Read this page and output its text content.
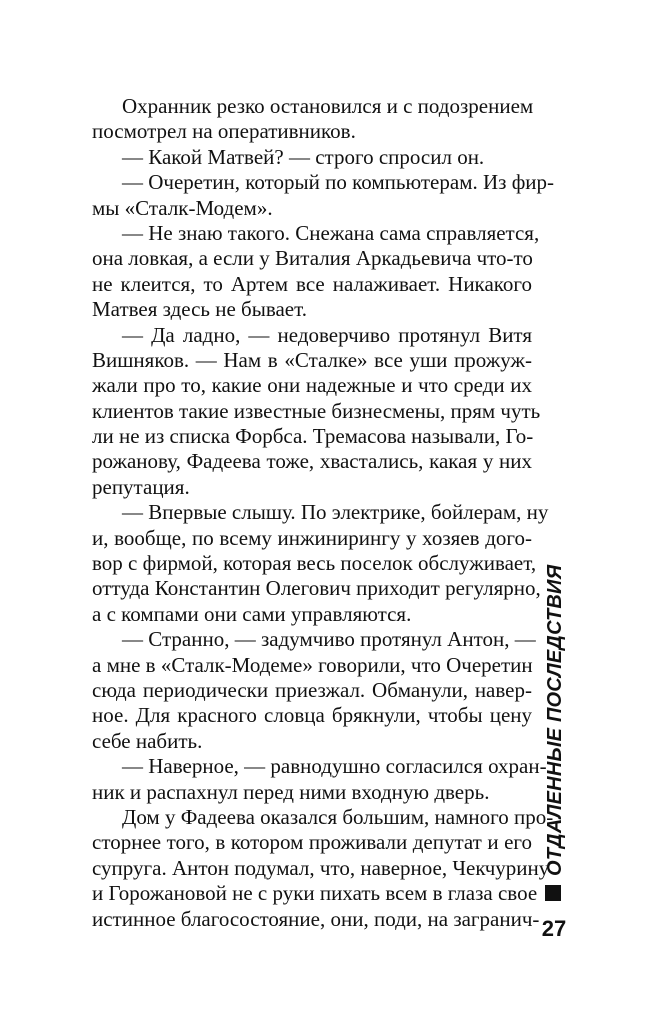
Охранник резко остановился и с подозрением
посмотрел на оперативников.
— Какой Матвей? — строго спросил он.
— Очеретин, который по компьютерам. Из фир-
мы «Сталк-Модем».
— Не знаю такого. Снежана сама справляется,
она ловкая, а если у Виталия Аркадьевича что-то
не клеится, то Артем все налаживает. Никакого
Матвея здесь не бывает.
— Да ладно, — недоверчиво протянул Витя
Вишняков. — Нам в «Сталке» все уши прожуж-
жали про то, какие они надежные и что среди их
клиентов такие известные бизнесмены, прям чуть
ли не из списка Форбса. Тремасова называли, Го-
рожанову, Фадеева тоже, хвастались, какая у них
репутация.
— Впервые слышу. По электрике, бойлерам, ну
и, вообще, по всему инжинирингу у хозяев дого-
вор с фирмой, которая весь поселок обслуживает,
оттуда Константин Олегович приходит регулярно,
а с компами они сами управляются.
— Странно, — задумчиво протянул Антон, —
а мне в «Сталк-Модеме» говорили, что Очеретин
сюда периодически приезжал. Обманули, навер-
ное. Для красного словца брякнули, чтобы цену
себе набить.
— Наверное, — равнодушно согласился охран-
ник и распахнул перед ними входную дверь.
Дом у Фадеева оказался большим, намного про-
сторнее того, в котором проживали депутат и его
супруга. Антон подумал, что, наверное, Чекчурину
и Горожановой не с руки пихать всем в глаза свое
истинное благосостояние, они, поди, на загранич-
ОТДАЛЕННЫЕ ПОСЛЕДСТВИЯ
27
